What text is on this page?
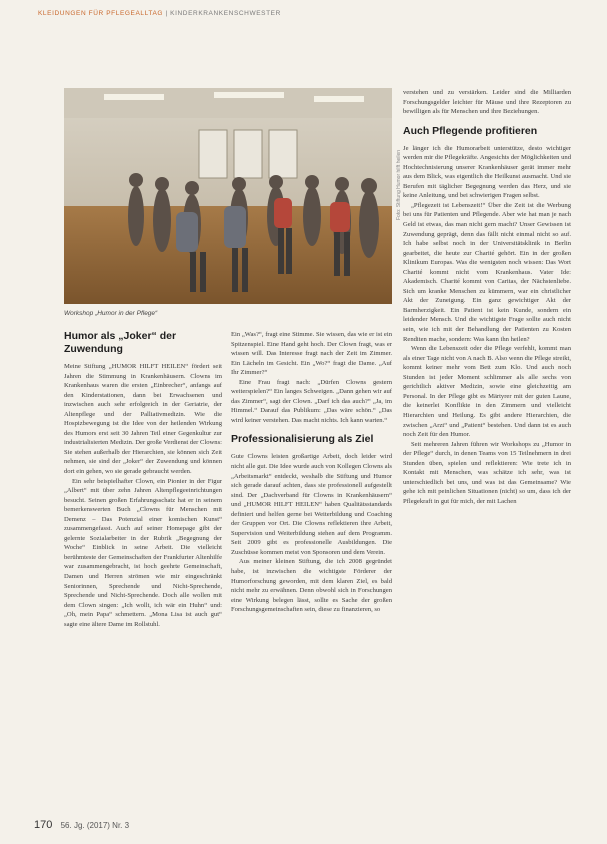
KLEIDUNGEN FÜR PFLEGEALLTAG | KINDERKRANKENSCHWESTER
Foto: Stiftung Humor hilft heilen
Workshop „Humor in der Pflege“
Humor als „Joker“ der Zuwendung

Meine Stiftung „HUMOR HILFT HEILEN“ fördert seit Jahren die Stimmung in Krankenhäusern. Clowns im Krankenhaus waren die ersten „Einbrecher“, anfangs auf den Kinderstationen, dann bei Erwachsenen und inzwischen auch sehr erfolgreich in der Geriatrie, der Altenpflege und der Palliativmedizin. Wie die Hospizbewegung ist die Idee von der heilenden Wirkung des Humors erst seit 30 Jahren Teil einer Gegenkultur zur industrialisierten Medizin. Der große Verdienst der Clowns: Sie stehen außerhalb der Hierarchien, sie können sich Zeit nehmen, sie sind der „Joker“ der Zuwendung und können dort ein gehen, wo sie gerade gebraucht werden.

Ein sehr beispielhafter Clown, ein Pionier in der Figur „Albert“ mit über zehn Jahren Altenpflegeeinrichtungen besucht. Seinen großen Erfahrungsschatz hat er in seinem bemerkenswerten Buch „Clowns für Menschen mit Demenz – Das Potenzial einer komischen Kunst“ zusammengefasst. Auch auf seiner Homepage gibt der gelernte Sozialarbeiter in der Rubrik „Begegnung der Woche“ Einblick in seine Arbeit. Die vielleicht berühmteste der Gemeinschaften der Frankfurter Altenhilfe war zusammengebracht, ist hoch geehrte Gemeinschaft, Damen und Herren strömen wie mir eingeschränkt Seniorinnen, Sprechende und Nicht-Sprechende, Sprechende und Nicht-Sprechende. Doch alle wollen mit dem Clown singen: „Ich wollt, ich wär ein Huhn“ und: „Oh, mein Papa“ schmettern. „Mona Lisa ist auch gut“ sagte eine ältere Dame im Rollstuhl.

Ein „Was?“, fragt eine Stimme. Sie wissen, das wie er ist ein Spitzenspiel. Eine Hand geht hoch. Der Clown fragt, was er wissen will. Das Interesse fragt nach der Zeit im Zimmer. Ein Lächeln im Gesicht. Ein „Wo?“ fragt die Dame. „Auf Ihr Zimmer?“

Eine Frau fragt nach: „Dürfen Clowns gestern weiterspielen?“ Ein langes Schweigen. „Dann gehen wir auf das Zimmer“, sagt der Clown. „Darf ich das auch?“ „Ja, im Himmel.“ Darauf das Publikum: „Das wäre schön.“ „Das wird keiner verstehen. Das macht nichts. Ich kann warten.“

Professionalisierung als Ziel

Gute Clowns leisten großartige Arbeit, doch leider wird nicht alle gut. Die Idee wurde auch von Kollegen Clowns als „Arbeitsmarkt“ entdeckt, weshalb die Stiftung und Humor sich gerade darauf achten, dass sie professionell aufgestellt sind. Der „Dachverband für Clowns in Krankenhäusern“ und „HUMOR HILFT HEILEN“ haben Qualitätsstandards definiert und helfen gerne bei Weiterbildung und Coaching der Gruppen vor Ort. Die Clowns reflektieren ihre Arbeit, Supervision und Weiterbildung stehen auf dem Programm. Seit 2009 gibt es professionelle Ausbildungen. Die Zuschüsse kommen meist von Sponsoren und dem Verein.

Aus meiner kleinen Stiftung, die ich 2008 gegründet habe, ist inzwischen die wichtigste Förderer der Humorforschung geworden, mit dem klaren Ziel, es bald nicht mehr zu erwähnen. Denn obwohl sich in Forschungen eine Wirkung belegen lässt, sollte es Sache der großen Forschungsgemeinschaften sein, diese zu finanzieren, so

verstehen und zu verstärken. Leider sind die Milliarden Forschungsgelder leichter für Mäuse und ihre Rezeptoren zu bewilligen als für Menschen und ihre Beziehungen.

Auch Pflegende profitieren

Je länger ich die Humorarbeit unterstütze, desto wichtiger werden mir die Pflegekräfte. Angesichts der Möglichkeiten und Hochtechnisierung unserer Krankenhäuser gerät immer mehr aus dem Blick, was eigentlich die Heilkunst ausmacht. Und sie Berufen mit täglicher Begegnung werden das Herz, und sie keine Anleitung, und bei schwierigen Fragen selbst.

„Pflegezeit ist Lebenszeit!“ Über die Zeit ist die Werbung bei uns für Patienten und Pflegende. Aber wie hat man je nach Geld ist etwas, das man nicht gern macht? Unser Gewissen ist Zuwendung geprägt, denn das fällt nicht einmal nicht so auf. Ich habe selbst noch in der Universitätsklinik in Berlin gearbeitet, die heute zur Charité gehört. Ein in der großen Klinikum Europas. Was die wenigsten noch wissen: Das Wort Charité kommt nicht vom Krankenhaus. Vater Ide: Akademisch. Charité kommt von Caritas, der Nächstenliebe. Sich um kranke Menschen zu kümmern, war ein christlicher Akt der Zuneigung. Ein ganz gewichtiger Akt der Barmherzigkeit. Ein Patient ist kein Kunde, sondern ein leidender Mensch. Und die wichtigste Frage sollte auch nicht sein, wie ich mit der Behandlung der Patienten zu Kosten Renditen mache, sondern: Was kann ihn heilen?

Wenn die Lebenszeit oder die Pflege verfehlt, kommt man als einer Tage nicht von A nach B. Also wenn die Pflege streikt, kommt keiner mehr vom Bett zum Klo. Und auch noch Stunden ist jeder Moment schlimmer als alle sechs von gerichtlich aktiver Medizin, sowie eine gleichzeitig am Personal. In der Pflege gibt es Märtyrer mit der guten Laune, die keinerlei Konflikte in den Zimmern und vielleicht Hierarchien und Heilung. Es gibt andere Hierarchien, die zwischen „Arzt“ und „Patient“ bestehen. Und dann ist es auch noch Zeit für den Humor.

Seit mehreren Jahren führen wir Workshops zu „Humor in der Pflege“ durch, in denen Teams von 15 Teilnehmern in drei Stunden üben, spielen und reflektieren: Wie trete ich in Kontakt mit Menschen, was schätze ich sehr, was ist unterschiedlich bei uns, und was ist das Gemeinsame? Wie gehe ich mit peinlichen Situationen (nicht) so um, dass ich der Pflegekraft in gut für mich, der mit Lachen

170 56. Jg. (2017) Nr. 3
